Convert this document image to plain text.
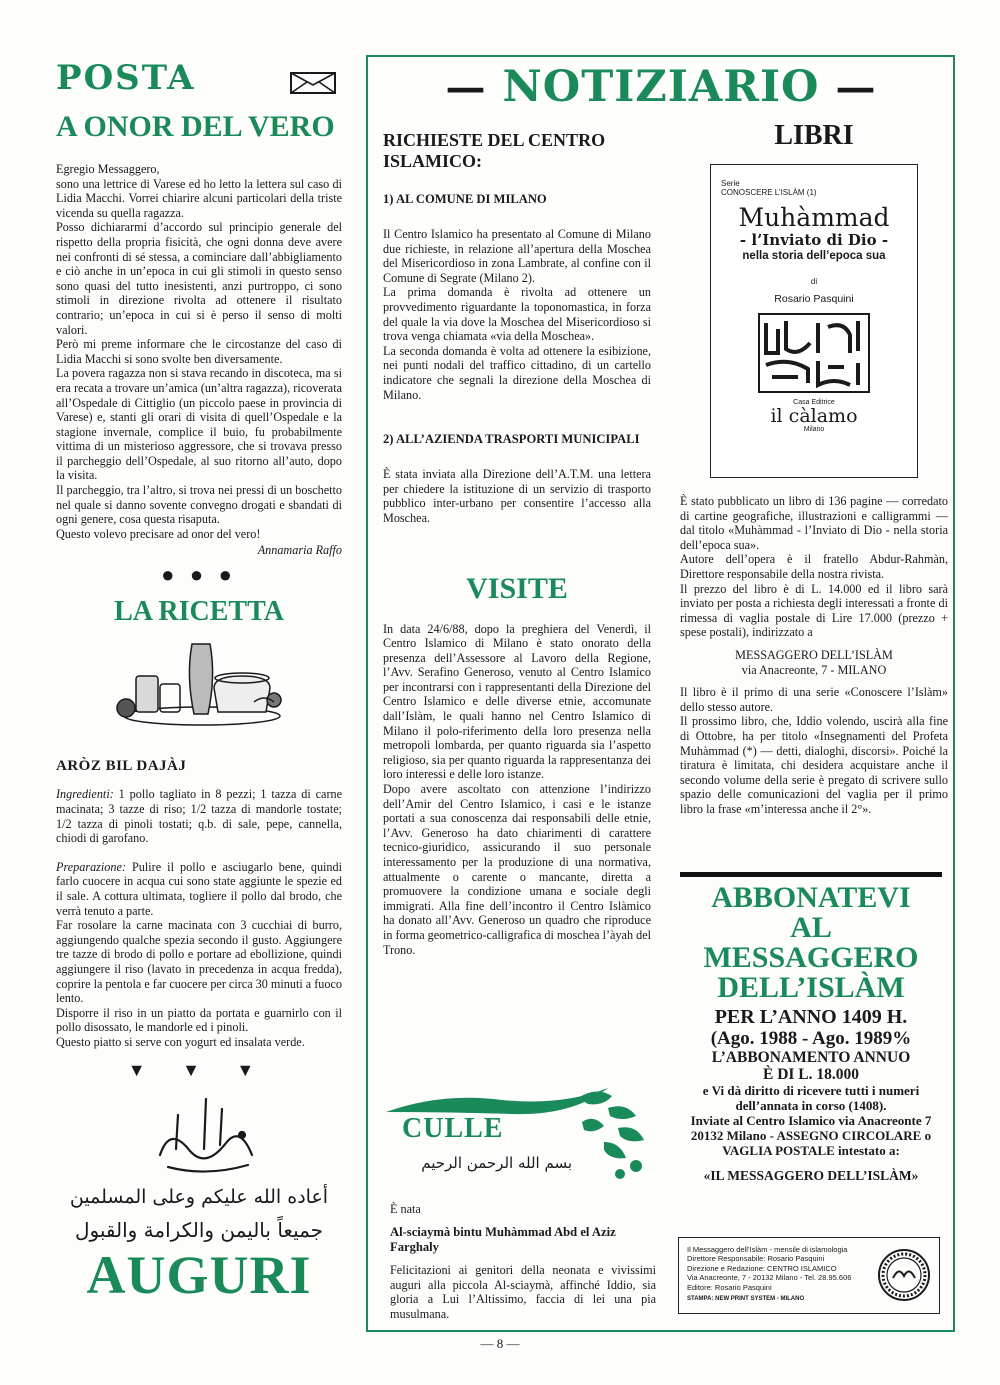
POSTA
A ONOR DEL VERO

Egregio Messaggero,

sono una lettrice di Varese ed ho letto la lettera sul caso di Lidia Macchi. Vorrei chiarire alcuni particolari della triste vicenda su quella ragazza.

Posso dichiararmi d’accordo sul principio generale del rispetto della propria fisicità, che ogni donna deve avere nei confronti di sé stessa, a cominciare dall’abbigliamento e ciò anche in un’epoca in cui gli stimoli in questo senso sono quasi del tutto inesistenti, anzi purtroppo, ci sono stimoli in direzione rivolta ad ottenere il risultato contrario; un’epoca in cui si è perso il senso di molti valori.

Però mi preme informare che le circostanze del caso di Lidia Macchi si sono svolte ben diversamente.

La povera ragazza non si stava recando in discoteca, ma si era recata a trovare un’amica (un’altra ragazza), ricoverata all’Ospedale di Cittiglio (un piccolo paese in provincia di Varese) e, stanti gli orari di visita di quell’Ospedale e la stagione invernale, complice il buio, fu probabilmente vittima di un misterioso aggressore, che si trovava presso il parcheggio dell’Ospedale, al suo ritorno all’auto, dopo la visita.

Il parcheggio, tra l’altro, si trova nei pressi di un boschetto nel quale si danno sovente convegno drogati e sbandati di ogni genere, cosa questa risaputa.

Questo volevo precisare ad onor del vero!

Annamaria Raffo
● ● ●
LA RICETTA
ARÒZ BIL DAJÀJ

Ingredienti: 1 pollo tagliato in 8 pezzi; 1 tazza di carne macinata; 3 tazze di riso; 1/2 tazza di mandorle tostate; 1/2 tazza di pinoli tostati; q.b. di sale, pepe, cannella, chiodi di garofano.

Preparazione: Pulire il pollo e asciugarlo bene, quindi farlo cuocere in acqua cui sono state aggiunte le spezie ed il sale. A cottura ultimata, togliere il pollo dal brodo, che verrà tenuto a parte.

Far rosolare la carne macinata con 3 cucchiai di burro, aggiungendo qualche spezia secondo il gusto. Aggiungere tre tazze di brodo di pollo e portare ad ebollizione, quindi aggiungere il riso (lavato in precedenza in acqua fredda), coprire la pentola e far cuocere per circa 30 minuti a fuoco lento.

Disporre il riso in un piatto da portata e guarnirlo con il pollo disossato, le mandorle ed i pinoli.

Questo piatto si serve con yogurt ed insalata verde.

▼ ▼ ▼
أعاده الله عليكم وعلى المسلمين
جميعاً باليمن والكرامة والقبول
AUGURI
— NOTIZIARIO —
RICHIESTE DEL CENTRO ISLAMICO:
1) AL COMUNE DI MILANO

Il Centro Islamico ha presentato al Comune di Milano due richieste, in relazione all’apertura della Moschea del Misericordioso in zona Lambrate, al confine con il Comune di Segrate (Milano 2).

La prima domanda è rivolta ad ottenere un provvedimento riguardante la toponomastica, in forza del quale la via dove la Moschea del Misericordioso si trova venga chiamata «via della Moschea».

La seconda domanda è volta ad ottenere la esibizione, nei punti nodali del traffico cittadino, di un cartello indicatore che segnali la direzione della Moschea di Milano.

2) ALL’AZIENDA TRASPORTI MUNICIPALI

È stata inviata alla Direzione dell’A.T.M. una lettera per chiedere la istituzione di un servizio di trasporto pubblico inter-urbano per consentire l’accesso alla Moschea.

VISITE

In data 24/6/88, dopo la preghiera del Venerdì, il Centro Islamico di Milano è stato onorato della presenza dell’Assessore al Lavoro della Regione, l’Avv. Serafino Generoso, venuto al Centro Islamico per incontrarsi con i rappresentanti della Direzione del Centro Islamico e delle diverse etnie, accomunate dall’Islàm, le quali hanno nel Centro Islamico di Milano il polo-riferimento della loro presenza nella metropoli lombarda, per quanto riguarda sia l’aspetto religioso, sia per quanto riguarda la rappresentanza dei loro interessi e delle loro istanze.

Dopo avere ascoltato con attenzione l’indirizzo dell’Amir del Centro Islamico, i casi e le istanze portati a sua conoscenza dai responsabili delle etnie, l’Avv. Generoso ha dato chiarimenti di carattere tecnico-giuridico, assicurando il suo personale interessamento per la produzione di una normativa, attualmente o carente o mancante, diretta a promuovere la condizione umana e sociale degli immigrati. Alla fine dell’incontro il Centro Islàmico ha donato all’Avv. Generoso un quadro che riproduce in forma geometrico-calligrafica di moschea l’àyah del Trono.

بسم الله الرحمن الرحيم
CULLE
È nata
Al-sciaymà bintu Muhàmmad Abd el Aziz Farghaly

Felicitazioni ai genitori della neonata e vivissimi auguri alla piccola Al-sciaymà, affinché Iddio, sia gloria a Lui l’Altissimo, faccia di lei una pia musulmana.

LIBRI
Serie
CONOSCERE L’ISLÀM (1)
Muhàmmad
- l’Inviato di Dio -
nella storia dell’epoca sua
di
Rosario Pasquini
Casa Editrice
il càlamo
Milano

È stato pubblicato un libro di 136 pagine — corredato di cartine geografiche, illustrazioni e calligrammi — dal titolo «Muhàmmad - l’Inviato di Dio - nella storia dell’epoca sua».

Autore dell’opera è il fratello Abdur-Rahmàn, Direttore responsabile della nostra rivista.

Il prezzo del libro è di L. 14.000 ed il libro sarà inviato per posta a richiesta degli interessati a fronte di rimessa di vaglia postale di Lire 17.000 (prezzo + spese postali), indirizzato a

MESSAGGERO DELL’ISLÀM
via Anacreonte, 7 - MILANO

Il libro è il primo di una serie «Conoscere l’Islàm» dello stesso autore.

Il prossimo libro, che, Iddio volendo, uscirà alla fine di Ottobre, ha per titolo «Insegnamenti del Profeta Muhàmmad (*) — detti, dialoghi, discorsi». Poiché la tiratura è limitata, chi desidera acquistare anche il secondo volume della serie è pregato di scrivere sullo spazio delle comunicazioni del vaglia per il primo libro la frase «m’interessa anche il 2°».

ABBONATEVI
AL MESSAGGERO
DELL’ISLÀM
PER L’ANNO 1409 H.
(Ago. 1988 - Ago. 1989%
L’ABBONAMENTO ANNUO
È DI L. 18.000
e Vi dà diritto di ricevere tutti i numeri dell’annata in corso (1408).
Inviate al Centro Islamico via Anacreonte 7 20132 Milano - ASSEGNO CIRCOLARE o VAGLIA POSTALE intestato a:
«IL MESSAGGERO DELL’ISLÀM»
Il Messaggero dell’Islàm - mensile di islamologia
Direttore Responsabile: Rosario Pasquini
Direzione e Redazione: CENTRO ISLAMICO
Via Anacreonte, 7 - 20132 Milano - Tel. 28.95.606
Editore: Rosario Pasquini
STAMPA: NEW PRINT SYSTEM - MILANO
— 8 —
